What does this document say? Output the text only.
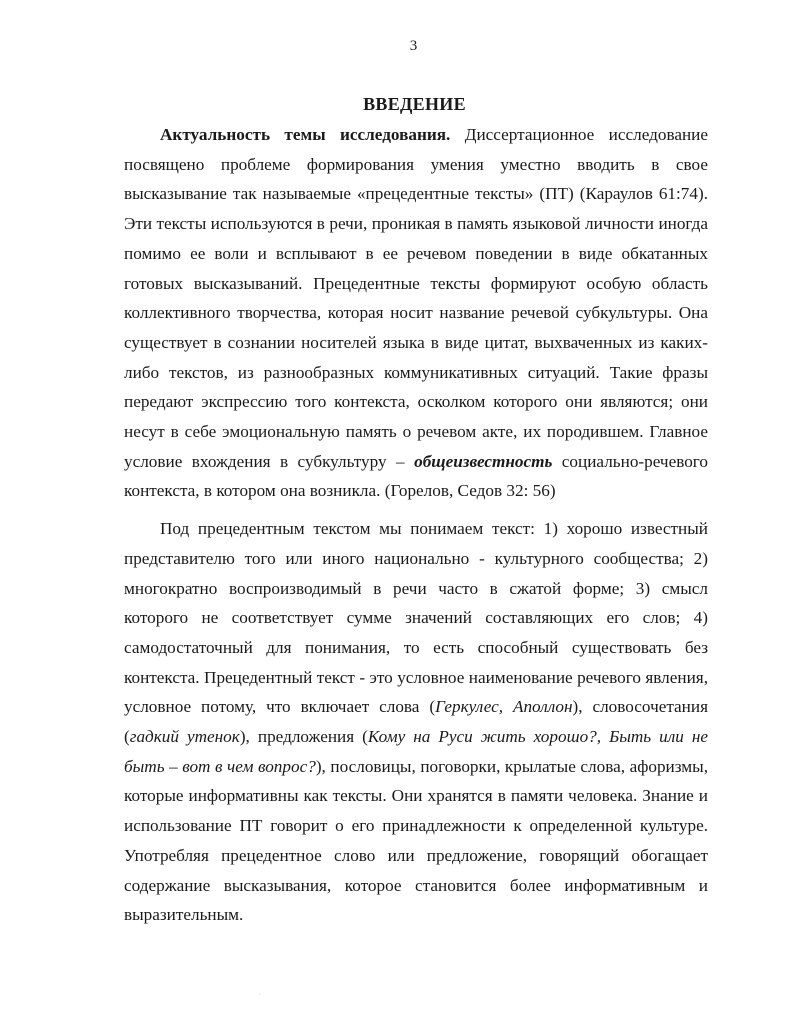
3
ВВЕДЕНИЕ

Актуальность темы исследования. Диссертационное исследование посвящено проблеме формирования умения уместно вводить в свое высказывание так называемые «прецедентные тексты» (ПТ) (Караулов 61:74). Эти тексты используются в речи, проникая в память языковой личности иногда помимо ее воли и всплывают в ее речевом поведении в виде обкатанных готовых высказываний. Прецедентные тексты формируют особую область коллективного творчества, которая носит название речевой субкультуры. Она существует в сознании носителей языка в виде цитат, выхваченных из каких-либо текстов, из разнообразных коммуникативных ситуаций. Такие фразы передают экспрессию того контекста, осколком которого они являются; они несут в себе эмоциональную память о речевом акте, их породившем. Главное условие вхождения в субкультуру – общеизвестность социально-речевого контекста, в котором она возникла. (Горелов, Седов 32: 56)

Под прецедентным текстом мы понимаем текст: 1) хорошо известный представителю того или иного национально - культурного сообщества; 2) многократно воспроизводимый в речи часто в сжатой форме; 3) смысл которого не соответствует сумме значений составляющих его слов; 4) самодостаточный для понимания, то есть способный существовать без контекста. Прецедентный текст - это условное наименование речевого явления, условное потому, что включает слова (Геркулес, Аполлон), словосочетания (гадкий утенок), предложения (Кому на Руси жить хорошо?, Быть или не быть – вот в чем вопрос?), пословицы, поговорки, крылатые слова, афоризмы, которые информативны как тексты. Они хранятся в памяти человека. Знание и использование ПТ говорит о его принадлежности к определенной культуре. Употребляя прецедентное слово или предложение, говорящий обогащает содержание высказывания, которое становится более информативным и выразительным.

·
